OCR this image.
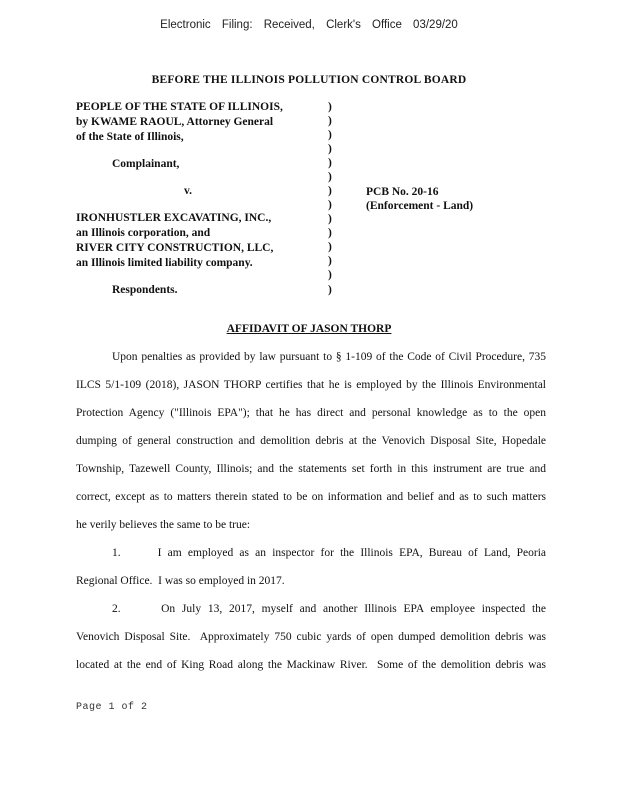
Electronic Filing: Received, Clerk's Office 03/29/20
BEFORE THE ILLINOIS POLLUTION CONTROL BOARD
PEOPLE OF THE STATE OF ILLINOIS,
by KWAME RAOUL, Attorney General
of the State of Illinois,
Complainant,
v.
IRONHUSTLER EXCAVATING, INC.,
an Illinois corporation, and
RIVER CITY CONSTRUCTION, LLC,
an Illinois limited liability company.
Respondents.
)
)
)
)
)
)
)
)
)
)
)
)
)
)
PCB No. 20-16
(Enforcement - Land)
AFFIDAVIT OF JASON THORP
Upon penalties as provided by law pursuant to § 1-109 of the Code of Civil Procedure, 735
ILCS 5/1-109 (2018), JASON THORP certifies that he is employed by the Illinois Environmental
Protection Agency ("Illinois EPA"); that he has direct and personal knowledge as to the open
dumping of general construction and demolition debris at the Venovich Disposal Site, Hopedale
Township, Tazewell County, Illinois; and the statements set forth in this instrument are true and
correct, except as to matters therein stated to be on information and belief and as to such matters
he verily believes the same to be true:
1.      I am employed as an inspector for the Illinois EPA, Bureau of Land, Peoria
Regional Office.  I was so employed in 2017.
2.      On July 13, 2017, myself and another Illinois EPA employee inspected the
Venovich Disposal Site.  Approximately 750 cubic yards of open dumped demolition debris was
located at the end of King Road along the Mackinaw River.  Some of the demolition debris was
Page 1 of 2
